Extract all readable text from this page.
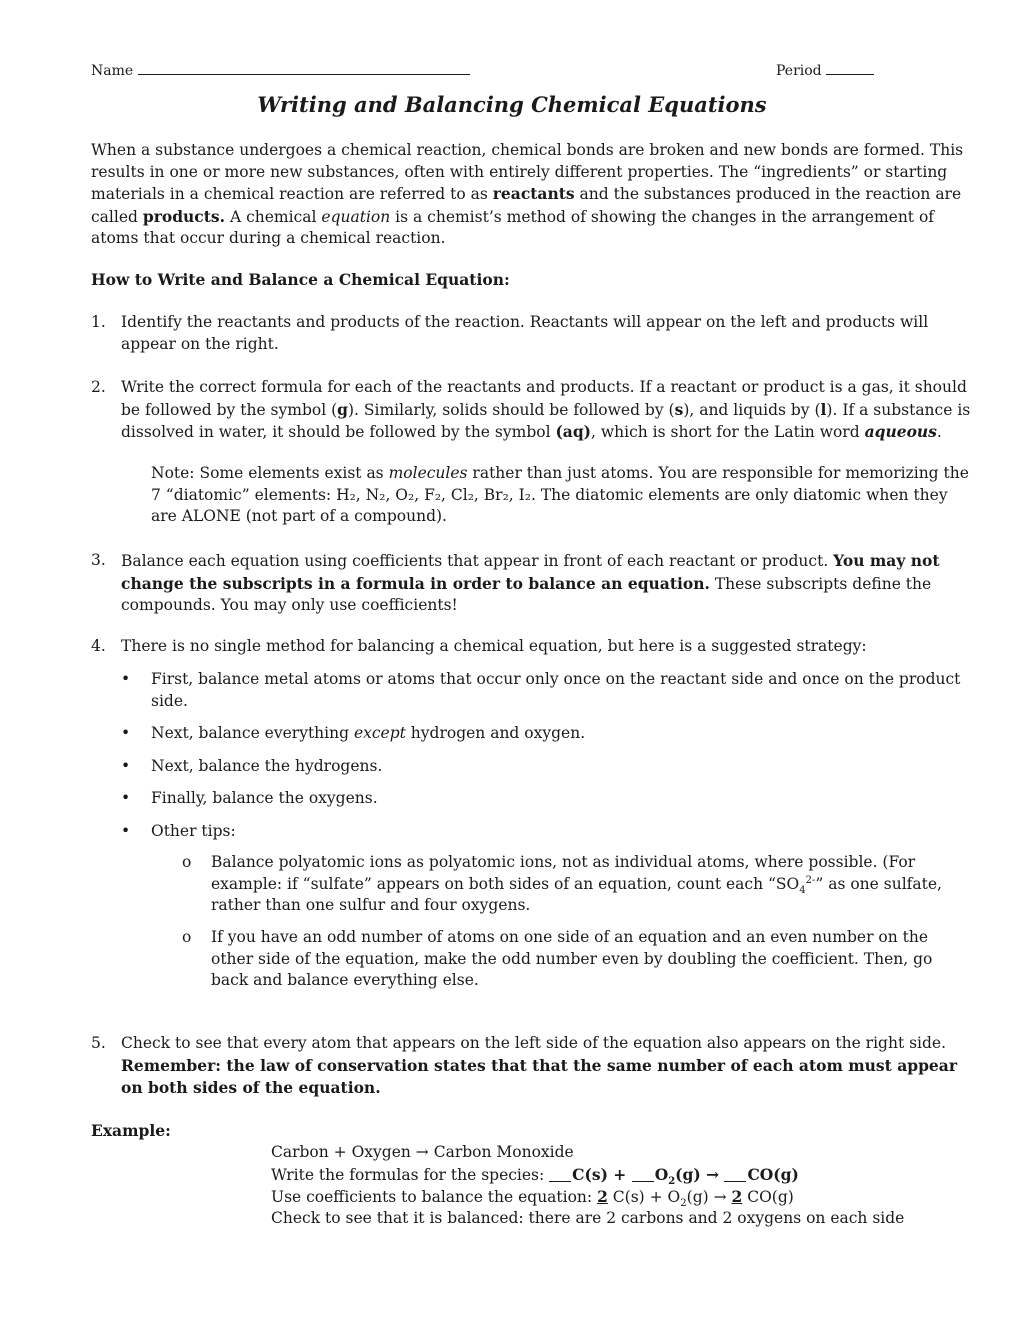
Name	Period
Writing and Balancing Chemical Equations

When a substance undergoes a chemical reaction, chemical bonds are broken and new bonds are formed. This results in one or more new substances, often with entirely different properties. The “ingredients” or starting materials in a chemical reaction are referred to as reactants and the substances produced in the reaction are called products. A chemical equation is a chemist’s method of showing the changes in the arrangement of atoms that occur during a chemical reaction.

How to Write and Balance a Chemical Equation:

1. Identify the reactants and products of the reaction. Reactants will appear on the left and products will appear on the right.

2. Write the correct formula for each of the reactants and products. If a reactant or product is a gas, it should be followed by the symbol (g). Similarly, solids should be followed by (s), and liquids by (l). If a substance is dissolved in water, it should be followed by the symbol (aq), which is short for the Latin word aqueous.

Note: Some elements exist as molecules rather than just atoms. You are responsible for memorizing the 7 “diatomic” elements: H₂, N₂, O₂, F₂, Cl₂, Br₂, I₂. The diatomic elements are only diatomic when they are ALONE (not part of a compound).

3. Balance each equation using coefficients that appear in front of each reactant or product. You may not change the subscripts in a formula in order to balance an equation. These subscripts define the compounds. You may only use coefficients!

4. There is no single method for balancing a chemical equation, but here is a suggested strategy:

•	First, balance metal atoms or atoms that occur only once on the reactant side and once on the product side.

•	Next, balance everything except hydrogen and oxygen.

•	Next, balance the hydrogens.

•	Finally, balance the oxygens.

•	Other tips:

o	Balance polyatomic ions as polyatomic ions, not as individual atoms, where possible. (For example: if “sulfate” appears on both sides of an equation, count each “$SO_4^{2-}$” as one sulfate, rather than one sulfur and four oxygens.

o	If you have an odd number of atoms on one side of an equation and an even number on the other side of the equation, make the odd number even by doubling the coefficient. Then, go back and balance everything else.

5. Check to see that every atom that appears on the left side of the equation also appears on the right side. Remember: the law of conservation states that that the same number of each atom must appear on both sides of the equation.

Example:

Carbon + Oxygen → Carbon Monoxide

Write the formulas for the species: $C(s) + O_2(g) \to CO(g)$

Use coefficients to balance the equation: 2 $C(s) + O_2(g) \to 2$ CO(g)

Check to see that it is balanced: there are 2 carbons and 2 oxygens on each side
